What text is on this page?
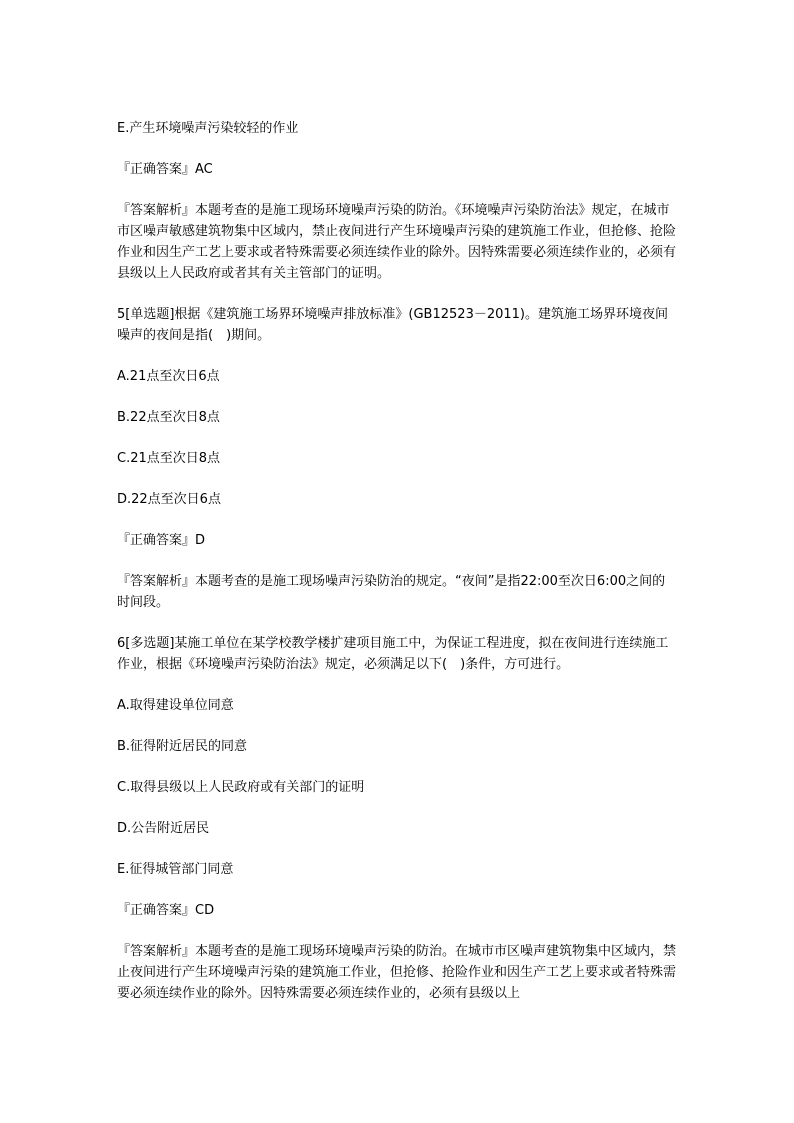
E.产生环境噪声污染较轻的作业

『正确答案』AC

『答案解析』本题考查的是施工现场环境噪声污染的防治。《环境噪声污染防治法》规定，在城市市区噪声敏感建筑物集中区域内，禁止夜间进行产生环境噪声污染的建筑施工作业，但抢修、抢险作业和因生产工艺上要求或者特殊需要必须连续作业的除外。因特殊需要必须连续作业的，必须有县级以上人民政府或者其有关主管部门的证明。

5[单选题]根据《建筑施工场界环境噪声排放标准》(GB12523－2011)。建筑施工场界环境夜间噪声的夜间是指(　)期间。

A.21点至次日6点

B.22点至次日8点

C.21点至次日8点

D.22点至次日6点

『正确答案』D

『答案解析』本题考查的是施工现场噪声污染防治的规定。“夜间”是指22:00至次日6:00之间的时间段。

6[多选题]某施工单位在某学校教学楼扩建项目施工中，为保证工程进度，拟在夜间进行连续施工作业，根据《环境噪声污染防治法》规定，必须满足以下(　)条件，方可进行。

A.取得建设单位同意

B.征得附近居民的同意

C.取得县级以上人民政府或有关部门的证明

D.公告附近居民

E.征得城管部门同意

『正确答案』CD

『答案解析』本题考查的是施工现场环境噪声污染的防治。在城市市区噪声建筑物集中区域内，禁止夜间进行产生环境噪声污染的建筑施工作业，但抢修、抢险作业和因生产工艺上要求或者特殊需要必须连续作业的除外。因特殊需要必须连续作业的，必须有县级以上
